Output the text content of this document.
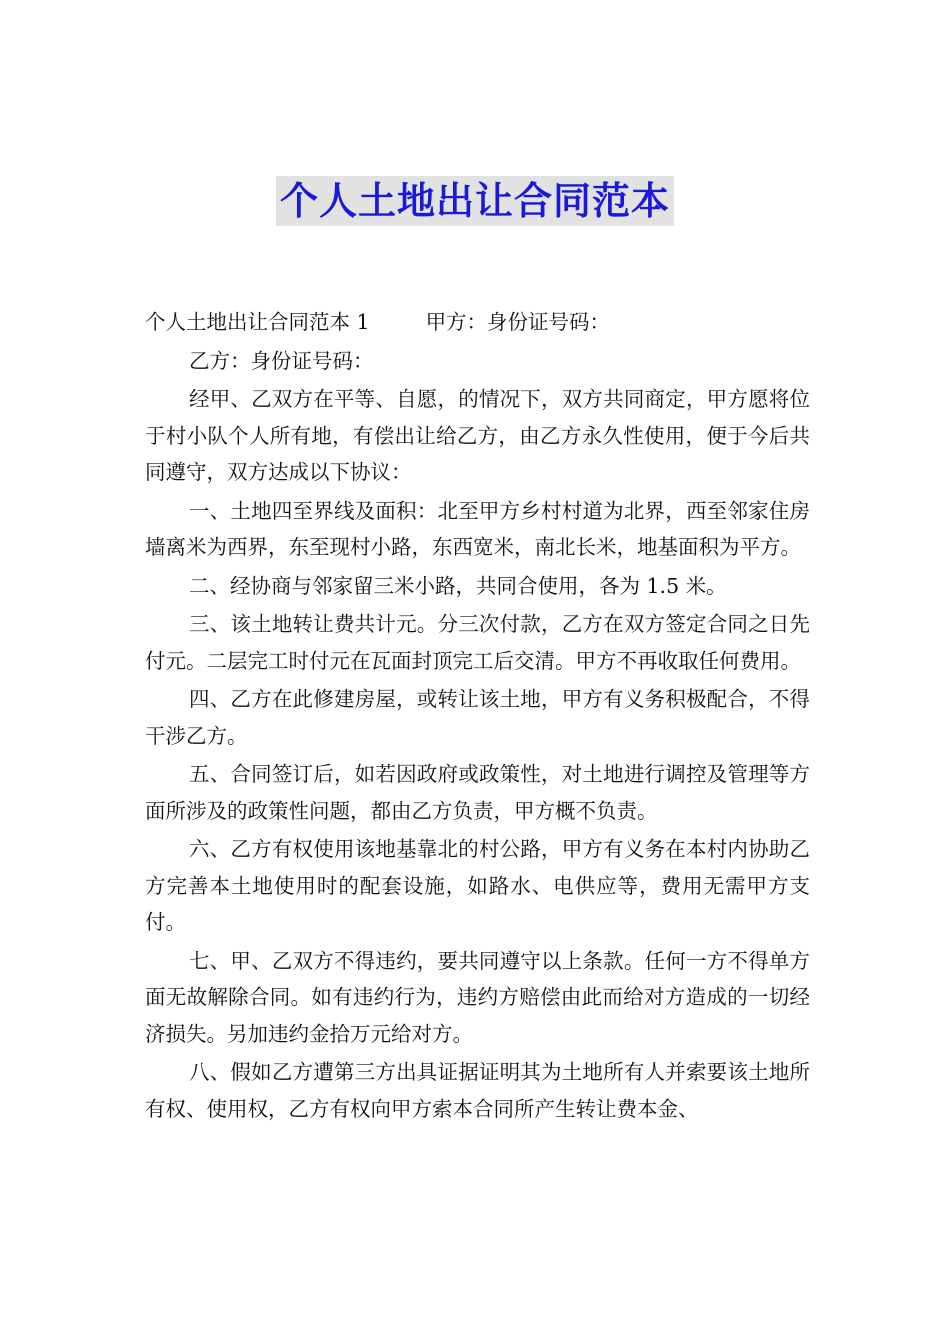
个人土地出让合同范本

个人土地出让合同范本 1	甲方：身份证号码：

乙方：身份证号码：

经甲、乙双方在平等、自愿，的情况下，双方共同商定，甲方愿将位于村小队个人所有地，有偿出让给乙方，由乙方永久性使用，便于今后共同遵守，双方达成以下协议：

一、土地四至界线及面积：北至甲方乡村村道为北界，西至邻家住房墙离米为西界，东至现村小路，东西宽米，南北长米，地基面积为平方。

二、经协商与邻家留三米小路，共同合使用，各为 1.5 米。

三、该土地转让费共计元。分三次付款，乙方在双方签定合同之日先付元。二层完工时付元在瓦面封顶完工后交清。甲方不再收取任何费用。

四、乙方在此修建房屋，或转让该土地，甲方有义务积极配合，不得干涉乙方。

五、合同签订后，如若因政府或政策性，对土地进行调控及管理等方面所涉及的政策性问题，都由乙方负责，甲方概不负责。

六、乙方有权使用该地基靠北的村公路，甲方有义务在本村内协助乙方完善本土地使用时的配套设施，如路水、电供应等，费用无需甲方支付。

七、甲、乙双方不得违约，要共同遵守以上条款。任何一方不得单方面无故解除合同。如有违约行为，违约方赔偿由此而给对方造成的一切经济损失。另加违约金拾万元给对方。

八、假如乙方遭第三方出具证据证明其为土地所有人并索要该土地所有权、使用权，乙方有权向甲方索本合同所产生转让费本金、
